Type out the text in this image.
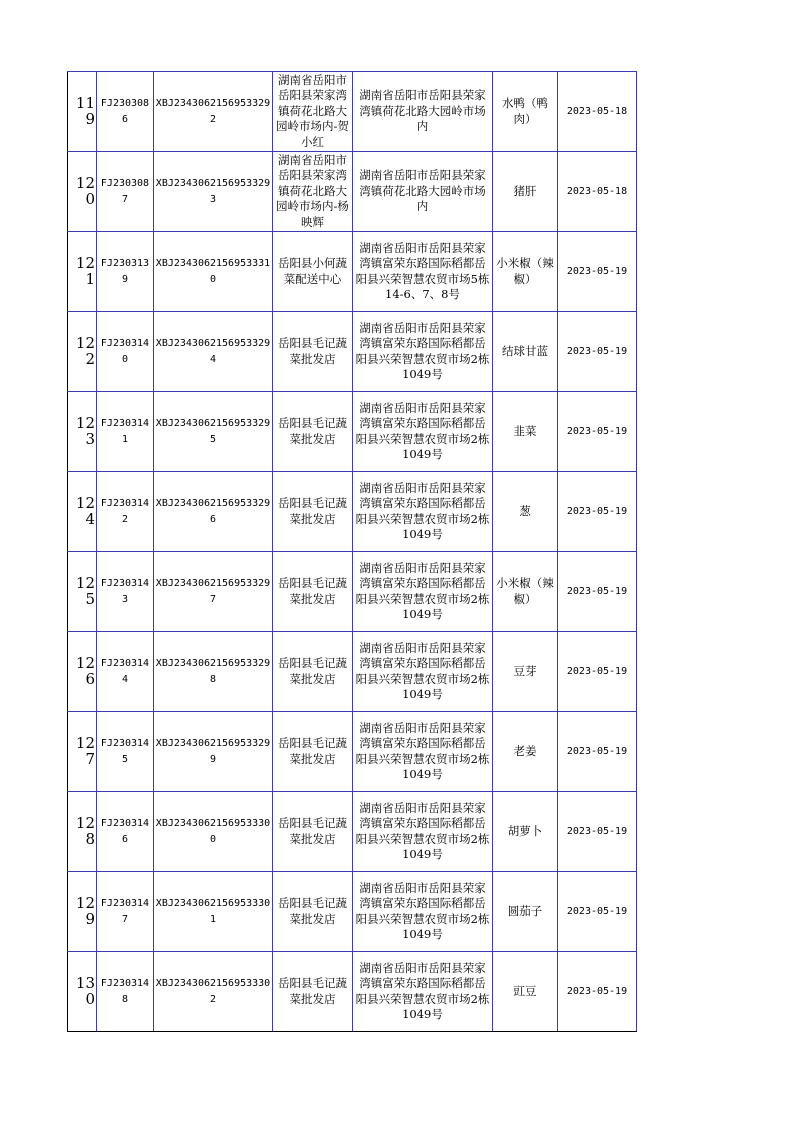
119	FJ2303086	XBJ23430621569533292	湖南省岳阳市岳阳县荣家湾镇荷花北路大园岭市场内-贺小红	湖南省岳阳市岳阳县荣家湾镇荷花北路大园岭市场内	水鸭（鸭肉）	2023-05-18
120	FJ2303087	XBJ23430621569533293	湖南省岳阳市岳阳县荣家湾镇荷花北路大园岭市场内-杨映辉	湖南省岳阳市岳阳县荣家湾镇荷花北路大园岭市场内	猪肝	2023-05-18
121	FJ2303139	XBJ23430621569533310	岳阳县小何蔬菜配送中心	湖南省岳阳市岳阳县荣家湾镇富荣东路国际稻都岳阳县兴荣智慧农贸市场5栋14-6、7、8号	小米椒（辣椒）	2023-05-19
122	FJ2303140	XBJ23430621569533294	岳阳县毛记蔬菜批发店	湖南省岳阳市岳阳县荣家湾镇富荣东路国际稻都岳阳县兴荣智慧农贸市场2栋1049号	结球甘蓝	2023-05-19
123	FJ2303141	XBJ23430621569533295	岳阳县毛记蔬菜批发店	湖南省岳阳市岳阳县荣家湾镇富荣东路国际稻都岳阳县兴荣智慧农贸市场2栋1049号	韭菜	2023-05-19
124	FJ2303142	XBJ23430621569533296	岳阳县毛记蔬菜批发店	湖南省岳阳市岳阳县荣家湾镇富荣东路国际稻都岳阳县兴荣智慧农贸市场2栋1049号	葱	2023-05-19
125	FJ2303143	XBJ23430621569533297	岳阳县毛记蔬菜批发店	湖南省岳阳市岳阳县荣家湾镇富荣东路国际稻都岳阳县兴荣智慧农贸市场2栋1049号	小米椒（辣椒）	2023-05-19
126	FJ2303144	XBJ23430621569533298	岳阳县毛记蔬菜批发店	湖南省岳阳市岳阳县荣家湾镇富荣东路国际稻都岳阳县兴荣智慧农贸市场2栋1049号	豆芽	2023-05-19
127	FJ2303145	XBJ23430621569533299	岳阳县毛记蔬菜批发店	湖南省岳阳市岳阳县荣家湾镇富荣东路国际稻都岳阳县兴荣智慧农贸市场2栋1049号	老姜	2023-05-19
128	FJ2303146	XBJ23430621569533300	岳阳县毛记蔬菜批发店	湖南省岳阳市岳阳县荣家湾镇富荣东路国际稻都岳阳县兴荣智慧农贸市场2栋1049号	胡萝卜	2023-05-19
129	FJ2303147	XBJ23430621569533301	岳阳县毛记蔬菜批发店	湖南省岳阳市岳阳县荣家湾镇富荣东路国际稻都岳阳县兴荣智慧农贸市场2栋1049号	圆茄子	2023-05-19
130	FJ2303148	XBJ23430621569533302	岳阳县毛记蔬菜批发店	湖南省岳阳市岳阳县荣家湾镇富荣东路国际稻都岳阳县兴荣智慧农贸市场2栋1049号	豇豆	2023-05-19
